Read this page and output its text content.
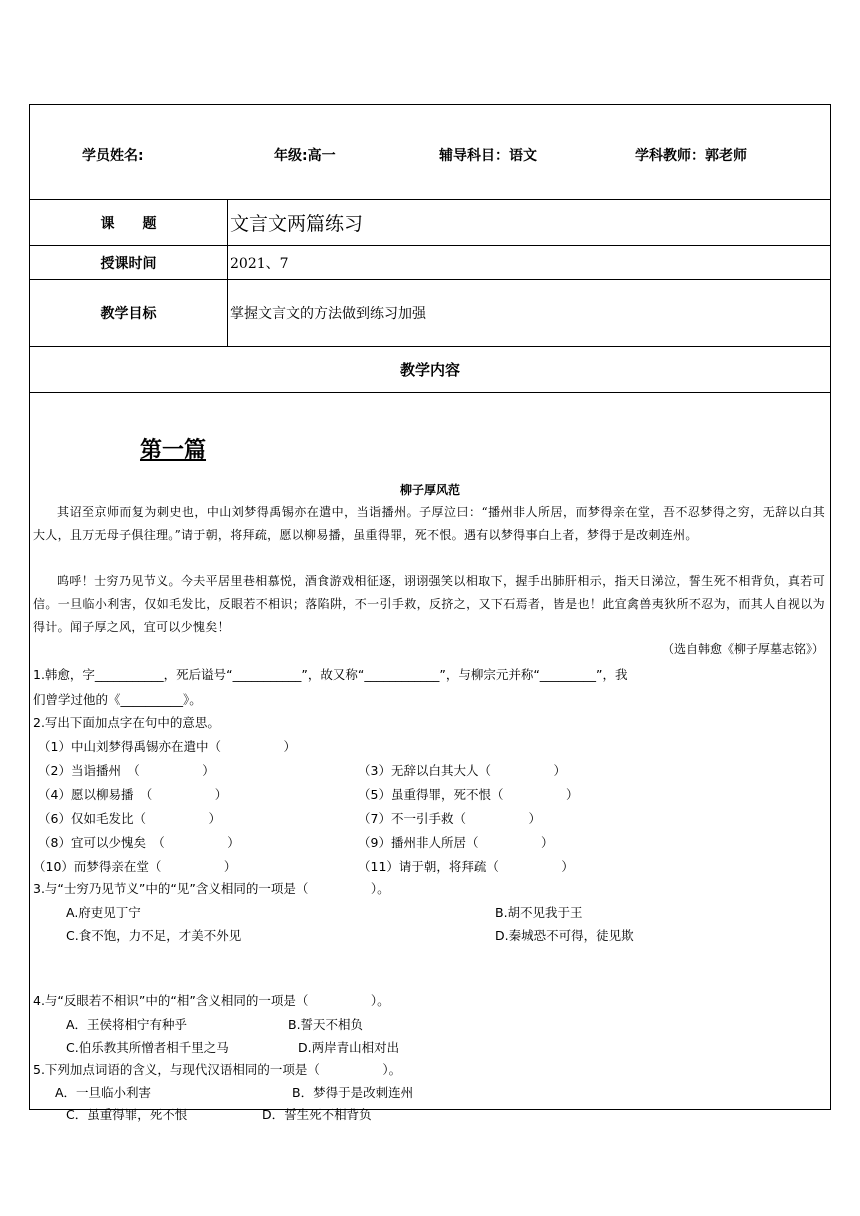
学员姓名:	年级:高一	辅导科目：语文	学科教师：郭老师
课　　题	文言文两篇练习
授课时间	2021、7
教学目标	掌握文言文的方法做到练习加强
教学内容
第一篇
柳子厚风范
其诏至京师而复为刺史也，中山刘梦得禹锡亦在遣中，当诣播州。子厚泣曰：“播州非人所居，而梦得亲在堂，吾不忍梦得之穷，无辞以白其大人，且万无母子俱往理。”请于朝，将拜疏，愿以柳易播，虽重得罪，死不恨。遇有以梦得事白上者，梦得于是改刺连州。
呜呼！士穷乃见节义。今夫平居里巷相慕悦，酒食游戏相征逐，诩诩强笑以相取下，握手出肺肝相示，指天日涕泣，誓生死不相背负，真若可信。一旦临小利害，仅如毛发比，反眼若不相识；落陷阱，不一引手救，反挤之，又下石焉者，皆是也！此宜禽兽夷狄所不忍为，而其人自视以为得计。闻子厚之风，宜可以少愧矣！
（选自韩愈《柳子厚墓志铭》）
1.韩愈，字___________，死后谥号“___________”，故又称“____________”，与柳宗元并称“_________”，我
们曾学过他的《__________》。
2.写出下面加点字在句中的意思。
（1）中山刘梦得禹锡亦在遣中（　　　　　）
（2）当诣播州　（　　　　　）	（3）无辞以白其大人（　　　　　）
（4）愿以柳易播　（　　　　　）	（5）虽重得罪，死不恨（　　　　　）
（6）仅如毛发比（　　　　　）	（7）不一引手救（　　　　　）
（8）宜可以少愧矣　（　　　　　）	（9）播州非人所居（　　　　　）
（10）而梦得亲在堂（　　　　　）	（11）请于朝，将拜疏（　　　　　）
3.与“士穷乃见节义”中的“见”含义相同的一项是（　　　　　）。
A.府吏见丁宁	B.胡不见我于王
C.食不饱，力不足，才美不外见	D.秦城恐不可得，徒见欺
4.与“反眼若不相识”中的“相”含义相同的一项是（　　　　　）。
A．王侯将相宁有种乎	B.誓天不相负
C.伯乐教其所憎者相千里之马	D.两岸青山相对出
5.下列加点词语的含义，与现代汉语相同的一项是（　　　　　）。
A．一旦临小利害	B．梦得于是改刺连州
C．虽重得罪，死不恨	D．誓生死不相背负
